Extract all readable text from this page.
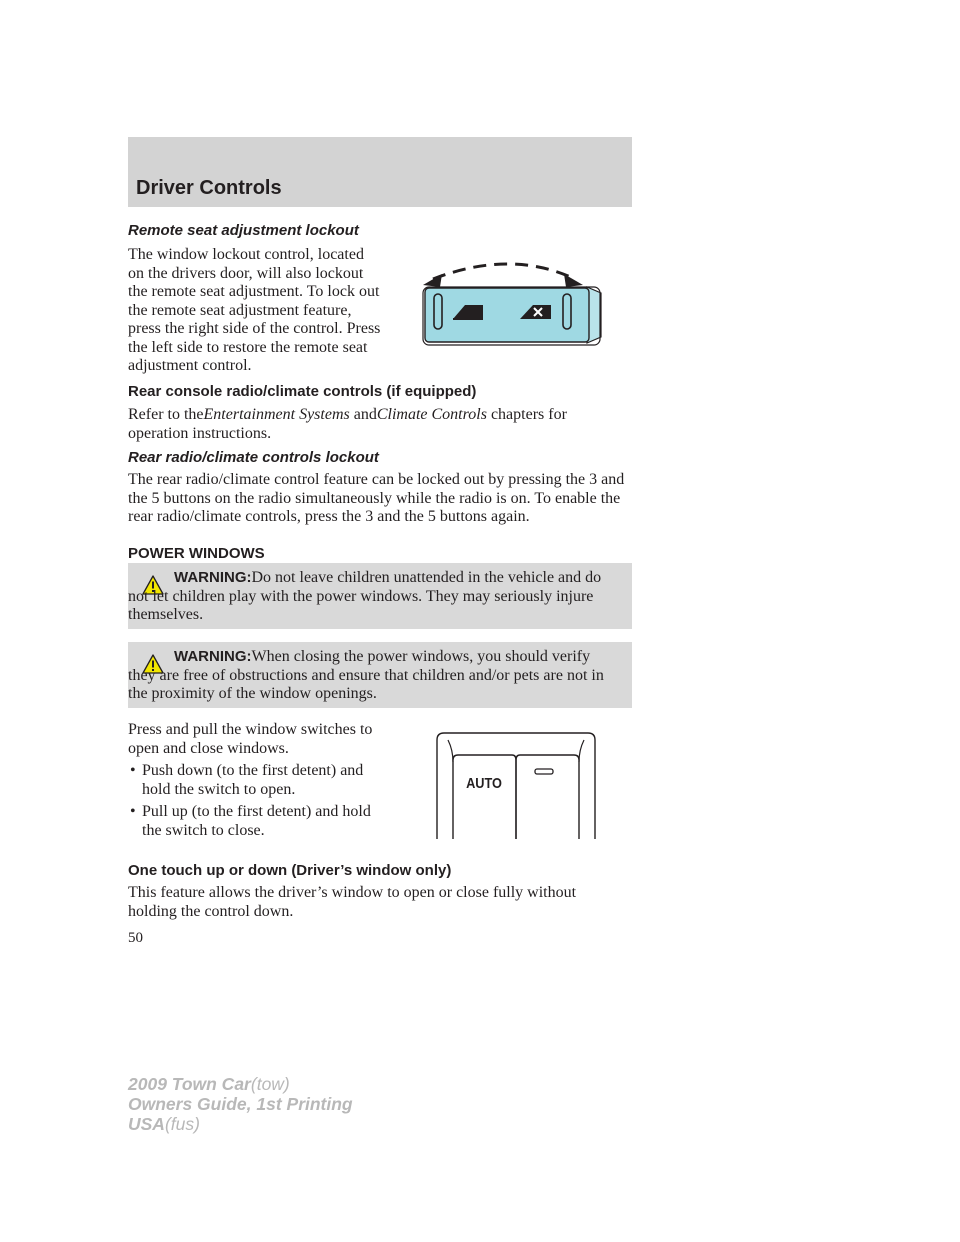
Driver Controls
Remote seat adjustment lockout

The window lockout control, located on the drivers door, will also lockout the remote seat adjustment. To lock out the remote seat adjustment feature, press the right side of the control. Press the left side to restore the remote seat adjustment control.

Rear console radio/climate controls (if equipped)

Refer to theEntertainment Systems andClimate Controls chapters for operation instructions.

Rear radio/climate controls lockout

The rear radio/climate control feature can be locked out by pressing the 3 and the 5 buttons on the radio simultaneously while the radio is on. To enable the rear radio/climate controls, press the 3 and the 5 buttons again.

POWER WINDOWS

WARNING:Do not leave children unattended in the vehicle and do not let children play with the power windows. They may seriously injure themselves.

WARNING:When closing the power windows, you should verify they are free of obstructions and ensure that children and/or pets are not in the proximity of the window openings.

Press and pull the window switches to open and close windows.

• Push down (to the first detent) and hold the switch to open.

• Pull up (to the first detent) and hold the switch to close.

AUTO
One touch up or down (Driver’s window only)

This feature allows the driver’s window to open or close fully without holding the control down.

50
2009 Town Car(tow)
Owners Guide, 1st Printing
USA(fus)
